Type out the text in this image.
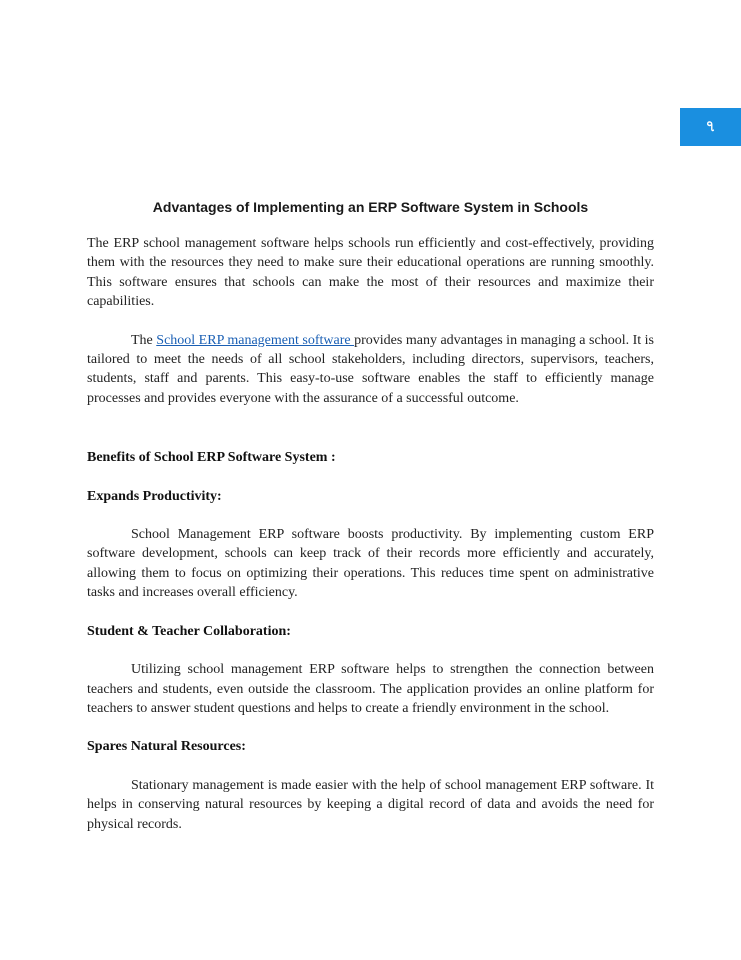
৭
Advantages of Implementing an ERP Software System in Schools

The ERP school management software helps schools run efficiently and cost-effectively, providing them with the resources they need to make sure their educational operations are running smoothly. This software ensures that schools can make the most of their resources and maximize their capabilities.

The School ERP management software provides many advantages in managing a school. It is tailored to meet the needs of all school stakeholders, including directors, supervisors, teachers, students, staff and parents. This easy-to-use software enables the staff to efficiently manage processes and provides everyone with the assurance of a successful outcome.

Benefits of School ERP Software System :
Expands Productivity:

School Management ERP software boosts productivity. By implementing custom ERP software development, schools can keep track of their records more efficiently and accurately, allowing them to focus on optimizing their operations. This reduces time spent on administrative tasks and increases overall efficiency.

Student & Teacher Collaboration:

Utilizing school management ERP software helps to strengthen the connection between teachers and students, even outside the classroom. The application provides an online platform for teachers to answer student questions and helps to create a friendly environment in the school.

Spares Natural Resources:

Stationary management is made easier with the help of school management ERP software. It helps in conserving natural resources by keeping a digital record of data and avoids the need for physical records.
